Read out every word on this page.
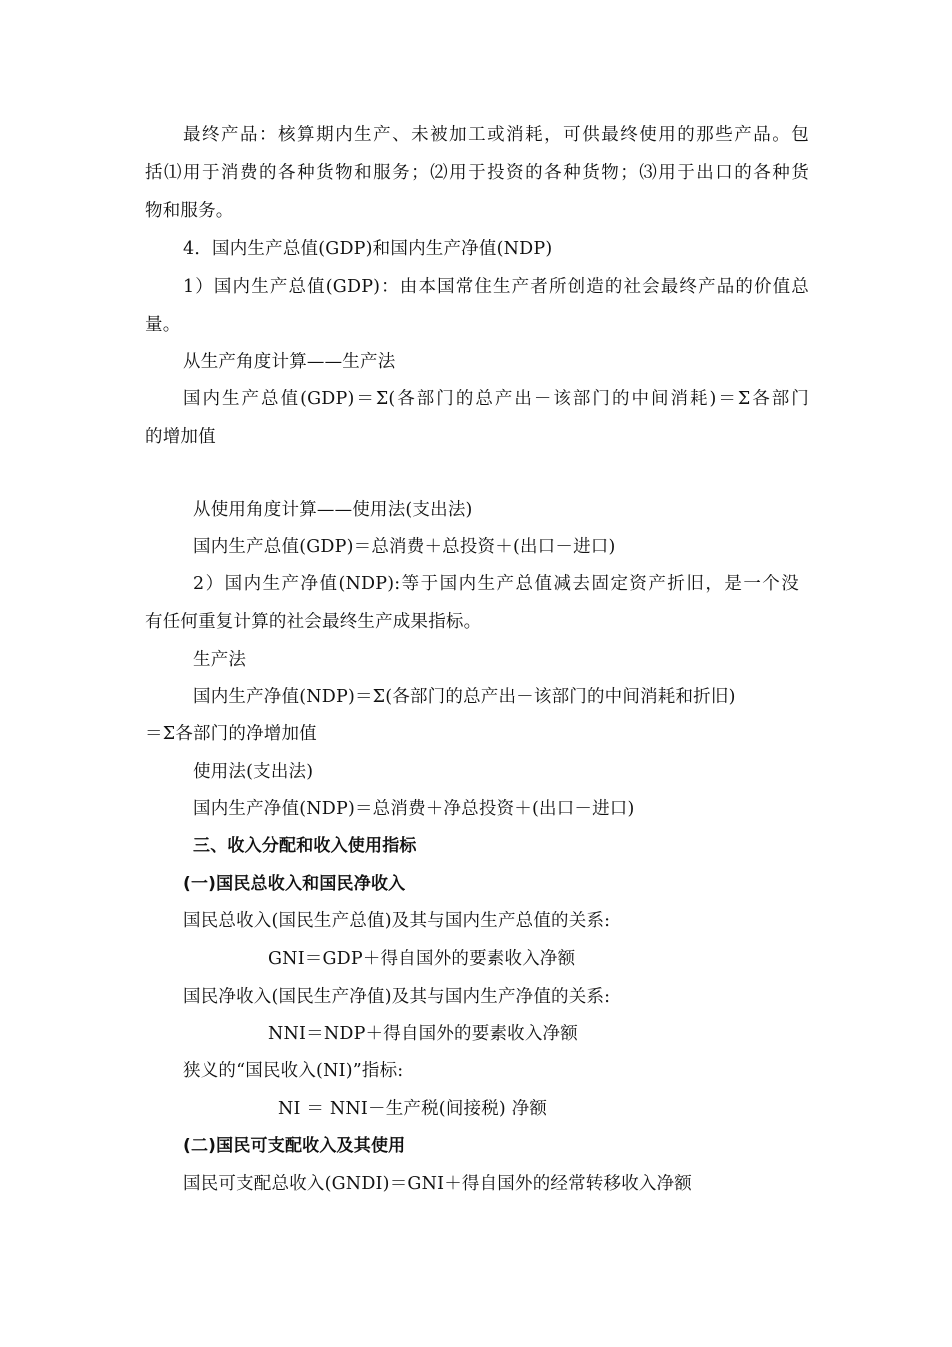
最终产品：核算期内生产、未被加工或消耗，可供最终使用的那些产品。包
括⑴用于消费的各种货物和服务；⑵用于投资的各种货物；⑶用于出口的各种货
物和服务。
4．国内生产总值(GDP)和国内生产净值(NDP)
1）国内生产总值(GDP)：由本国常住生产者所创造的社会最终产品的价值总
量。
从生产角度计算——生产法
国内生产总值(GDP)＝Σ(各部门的总产出－该部门的中间消耗)＝Σ各部门
的增加值
从使用角度计算——使用法(支出法)
国内生产总值(GDP)＝总消费＋总投资＋(出口－进口)
2）国内生产净值(NDP):等于国内生产总值减去固定资产折旧，是一个没
有任何重复计算的社会最终生产成果指标。
生产法
国内生产净值(NDP)＝Σ(各部门的总产出－该部门的中间消耗和折旧)
＝Σ各部门的净增加值
使用法(支出法)
国内生产净值(NDP)＝总消费＋净总投资＋(出口－进口)
三、收入分配和收入使用指标
(一)国民总收入和国民净收入
国民总收入(国民生产总值)及其与国内生产总值的关系:
GNI＝GDP＋得自国外的要素收入净额
国民净收入(国民生产净值)及其与国内生产净值的关系:
NNI＝NDP＋得自国外的要素收入净额
狭义的“国民收入(NI)”指标:
NI ＝ NNI－生产税(间接税) 净额
(二)国民可支配收入及其使用
国民可支配总收入(GNDI)＝GNI＋得自国外的经常转移收入净额
